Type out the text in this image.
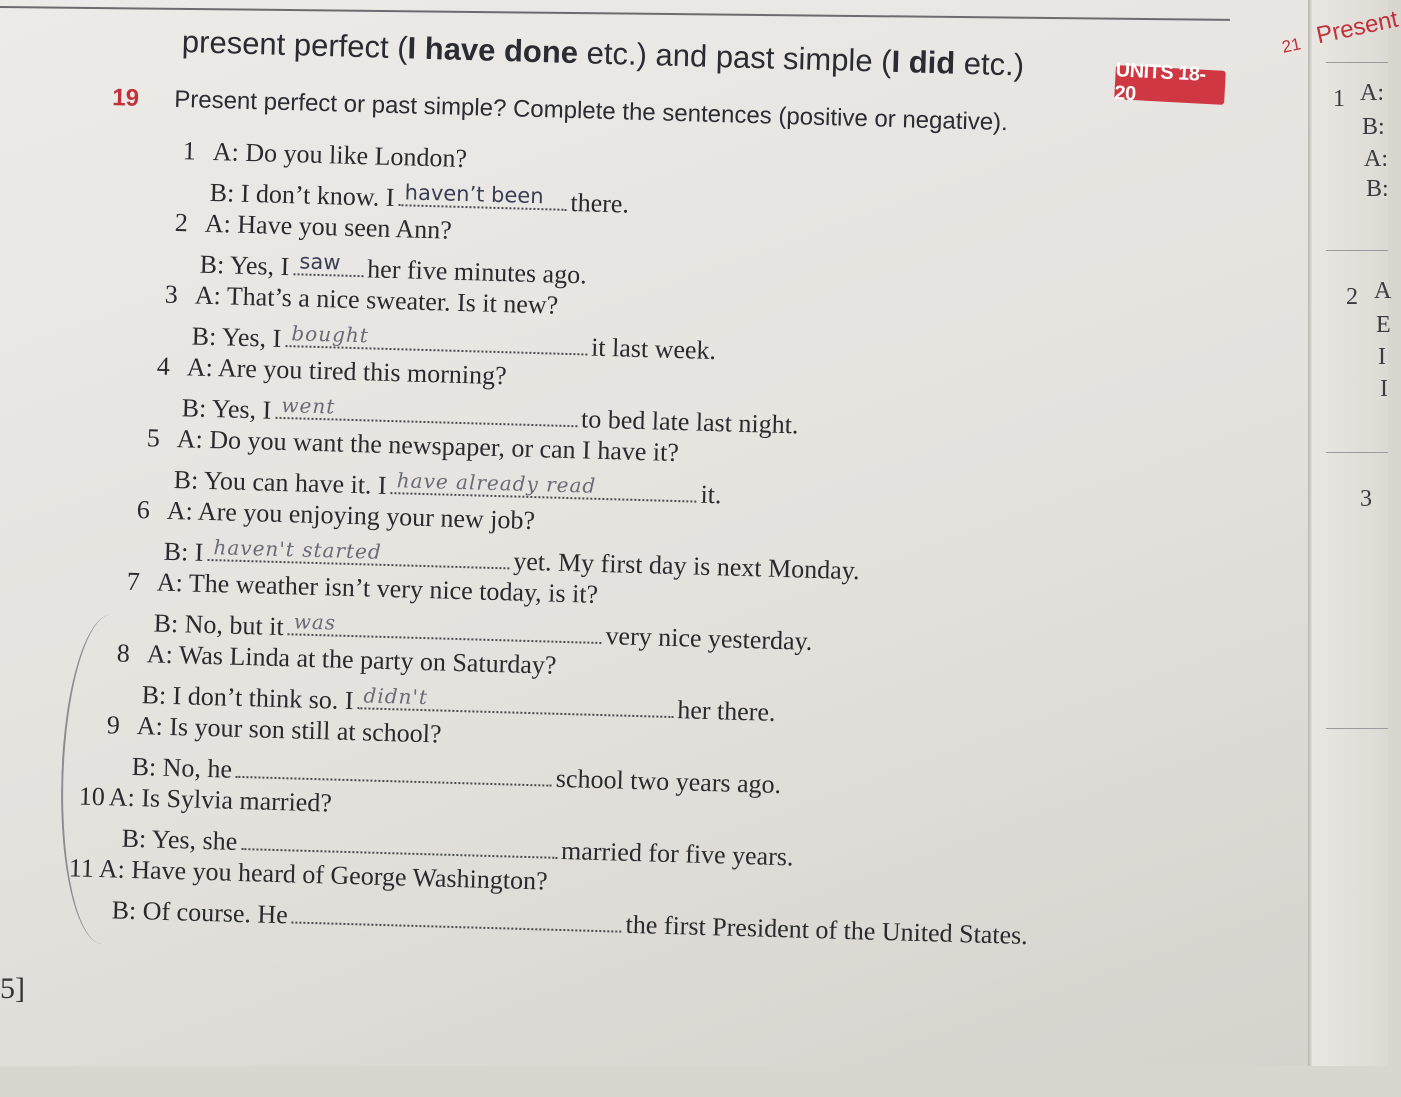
present perfect (I have done etc.) and past simple (I did etc.)
19 Present perfect or past simple? Complete the sentences (positive or negative).
1 A: Do you like London?
B: I don’t know. I haven’t been there.
2 A: Have you seen Ann?
B: Yes, I saw her five minutes ago.
3 A: That’s a nice sweater. Is it new?
B: Yes, I bought	it last week.
4 A: Are you tired this morning?
B: Yes, I went	to bed late last night.
5 A: Do you want the newspaper, or can I have it?
B: You can have it. I have already read	it.
6 A: Are you enjoying your new job?
B: I haven't started	yet. My first day is next Monday.
7 A: The weather isn’t very nice today, is it?
B: No, but it was	very nice yesterday.
8 A: Was Linda at the party on Saturday?
B: I don’t think so. I didn't	her there.
9 A: Is your son still at school?
B: No, he	school two years ago.
10 A: Is Sylvia married?
B: Yes, she	married for five years.
11 A: Have you heard of George Washington?
B: Of course. He	the first President of the United States.
UNITS 18-20
5]
21 Present
1 A:
B:
A:
B:
2 A
E
I
I
3
